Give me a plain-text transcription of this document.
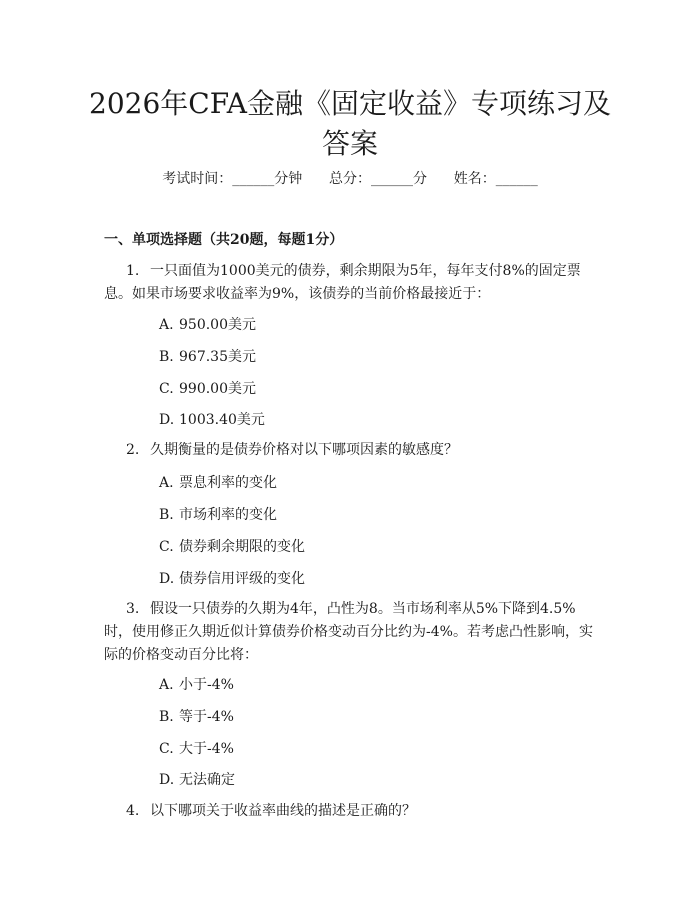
2026年CFA金融《固定收益》专项练习及答案
考试时间：______分钟 总分：______分 姓名：______
一、单项选择题（共20题，每题1分）

1. 一只面值为1000美元的债券，剩余期限为5年，每年支付8%的固定票息。如果市场要求收益率为9%，该债券的当前价格最接近于：

A. 950.00美元

B. 967.35美元

C. 990.00美元

D. 1003.40美元

2. 久期衡量的是债券价格对以下哪项因素的敏感度？

A. 票息利率的变化

B. 市场利率的变化

C. 债券剩余期限的变化

D. 债券信用评级的变化

3. 假设一只债券的久期为4年，凸性为8。当市场利率从5%下降到4.5%时，使用修正久期近似计算债券价格变动百分比约为-4%。若考虑凸性影响，实际的价格变动百分比将：

A. 小于-4%

B. 等于-4%

C. 大于-4%

D. 无法确定

4. 以下哪项关于收益率曲线的描述是正确的？
